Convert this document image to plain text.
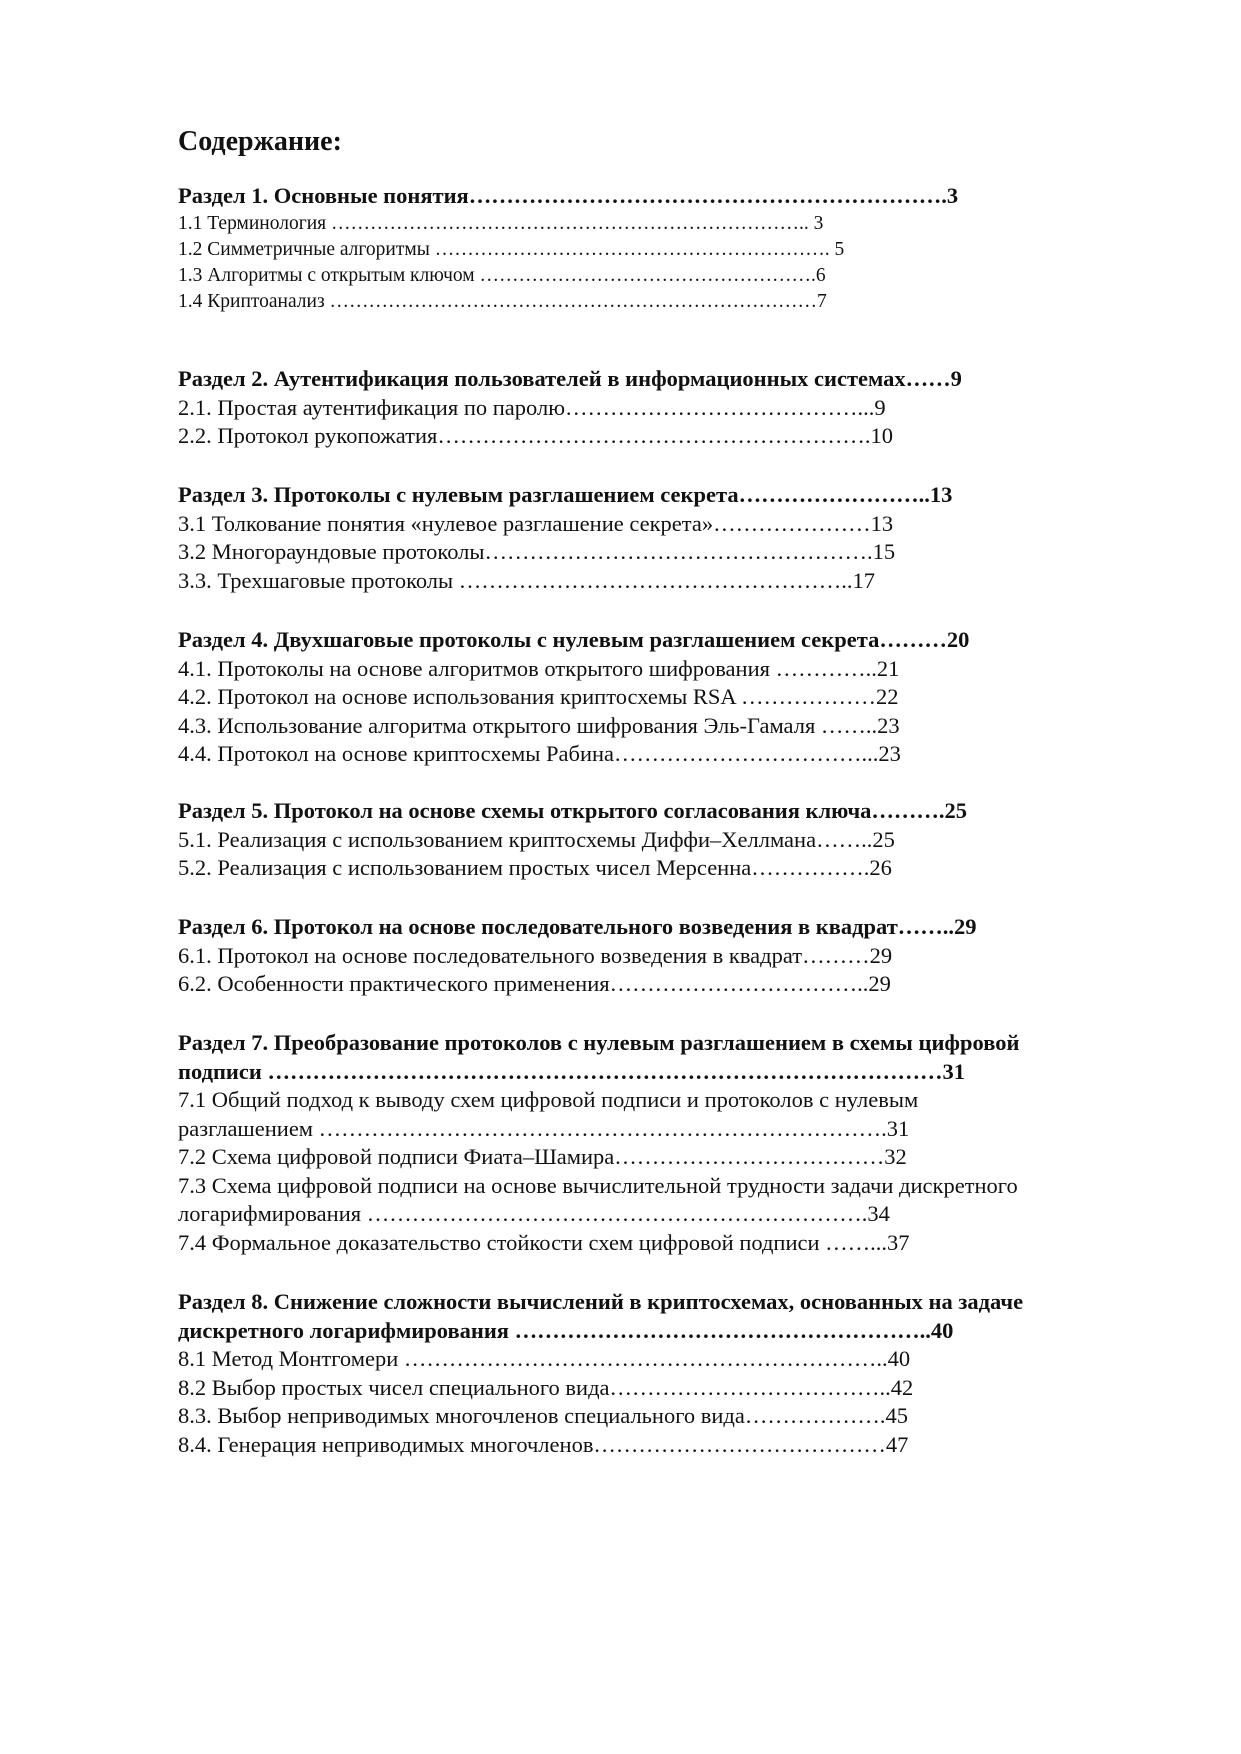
Содержание:
Раздел 1. Основные понятия……………………………………………………….3
1.1 Терминология ……………………………………………………………….. 3
1.2 Симметричные алгоритмы ……………………………………………………. 5
1.3 Алгоритмы с открытым ключом …………………………………………….6
1.4 Криптоанализ …………………………………………………………………7
Раздел 2. Аутентификация пользователей в информационных системах……9
2.1. Простая аутентификация по паролю…………………………………...9
2.2. Протокол рукопожатия………………………………………………….10
Раздел 3. Протоколы с нулевым разглашением секрета……………………..13
3.1 Толкование понятия «нулевое разглашение секрета»…………………13
3.2 Многораундовые протоколы…………………………………………….15
3.3. Трехшаговые протоколы ……………………………………………..17
Раздел 4. Двухшаговые протоколы с нулевым разглашением секрета………20
4.1. Протоколы на основе алгоритмов открытого шифрования …………..21
4.2. Протокол на основе использования криптосхемы RSA ………………22
4.3. Использование алгоритма открытого шифрования Эль-Гамаля ……..23
4.4. Протокол на основе криптосхемы Рабина……………………………...23
Раздел 5. Протокол на основе схемы открытого согласования ключа……….25
5.1. Реализация с использованием криптосхемы Диффи–Хеллмана……..25
5.2. Реализация с использованием простых чисел Мерсенна…………….26
Раздел 6. Протокол на основе последовательного возведения в квадрат……..29
6.1. Протокол на основе последовательного возведения в квадрат………29
6.2. Особенности практического применения……………………………..29
Раздел 7. Преобразование протоколов с нулевым разглашением в схемы цифровой
подписи ………………………………………………………………………………31
7.1 Общий подход к выводу схем цифровой подписи и протоколов с нулевым
разглашением ………………………………………………………………….31
7.2 Схема цифровой подписи Фиата–Шамира………………………………32
7.3 Схема цифровой подписи на основе вычислительной трудности задачи дискретного
логарифмирования ………………………………………………………….34
7.4 Формальное доказательство стойкости схем цифровой подписи ……...37
Раздел 8. Снижение сложности вычислений в криптосхемах, основанных на задаче
дискретного логарифмирования ………………………………………………..40
8.1 Метод Монтгомери ………………………………………………………..40
8.2 Выбор простых чисел специального вида………………………………..42
8.3. Выбор неприводимых многочленов специального вида……………….45
8.4. Генерация неприводимых многочленов…………………………………47
